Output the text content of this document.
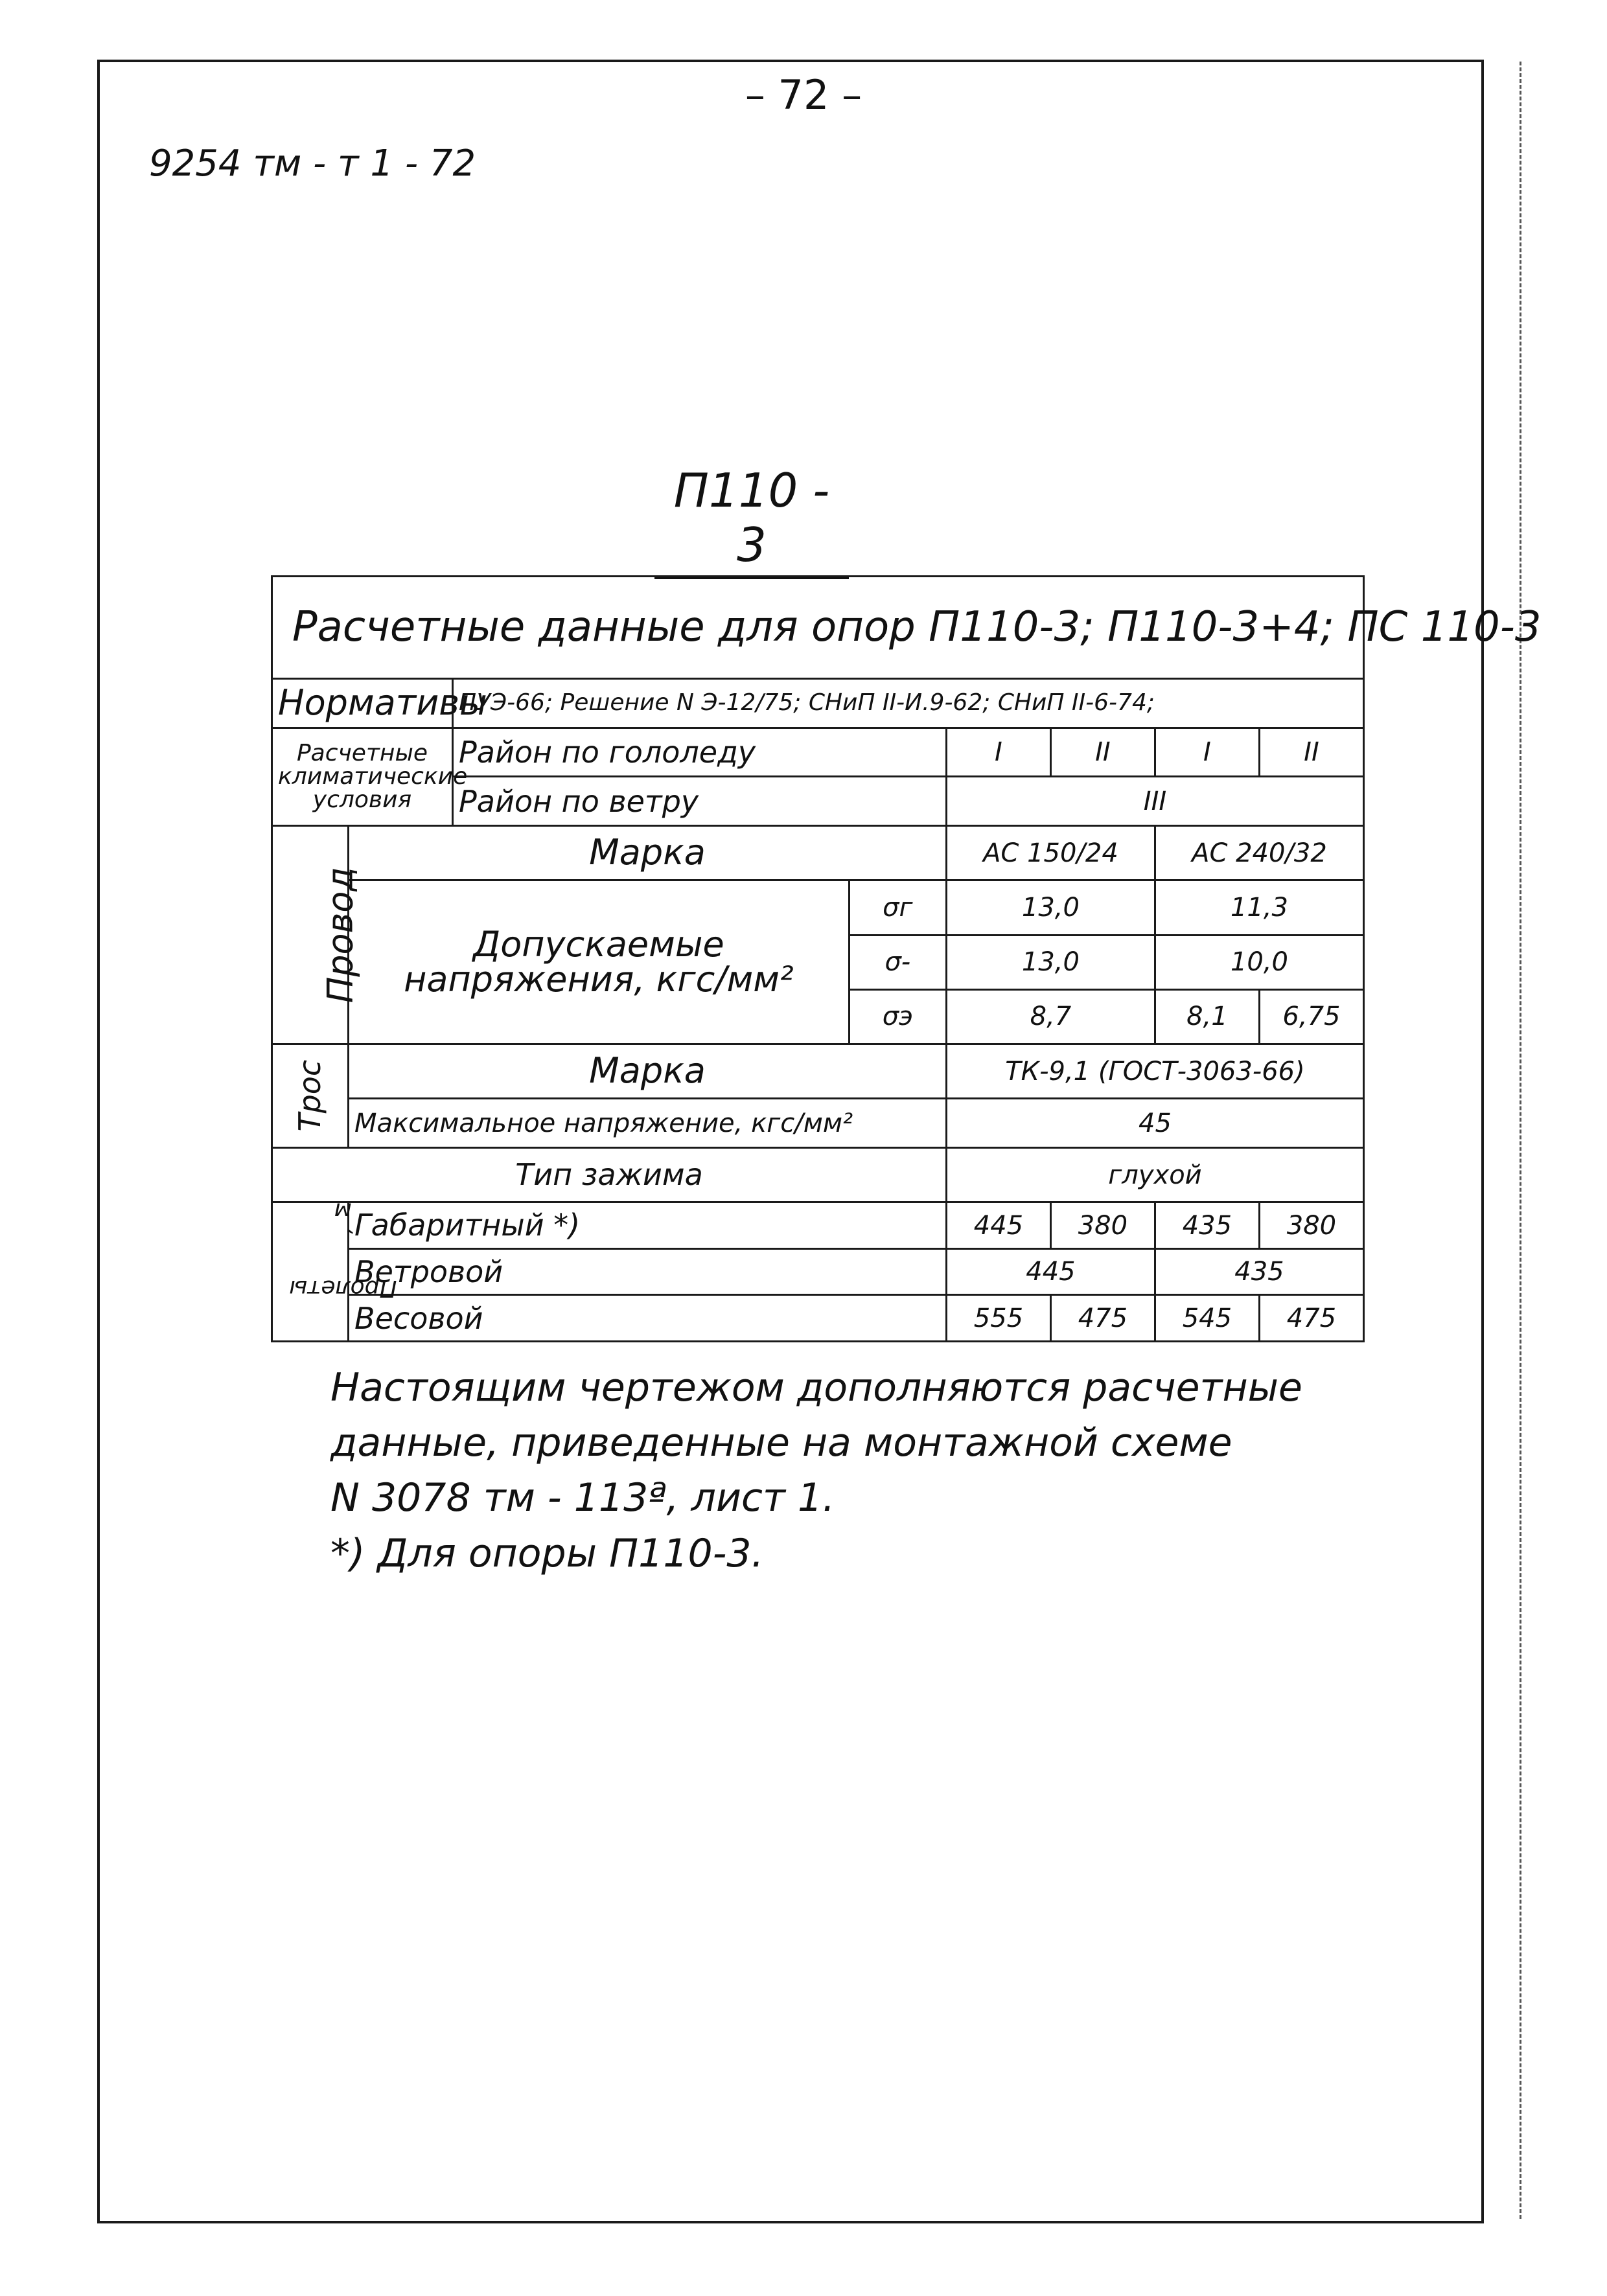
– 72 –
9254 тм - т 1 - 72
П110 - 3
Расчетные данные для опор П110-3; П110-3+4; ПС 110-3							
Нормативы		ПУЭ-66; Решение N Э-12/75; СНиП II-И.9-62; СНиП II-6-74;					
Расчетные климатические условия		Район по гололеду		I	II	I	II
		Район по ветру		III			
Провод	Марка			АС 150/24		АС 240/32	
	Допускаемые напряжения, кгс/мм²		σг	13,0		11,3	
			σ-	13,0		10,0	
			σэ	8,7		8,1	6,75
Трос	Марка			ТК-9,1 (ГОСТ-3063-66)			
	Максимальное напряжение, кгс/мм²			45			
Тип зажима				глухой			
Пролеты, м	Габаритный *)			445	380	435	380
	Ветровой			445		435	
	Весовой			555	475	545	475
Настоящим чертежом дополняются расчетные
данные, приведенные на монтажной схеме
N 3078 тм - 113ª, лист 1.
*) Для опоры П110-3.
